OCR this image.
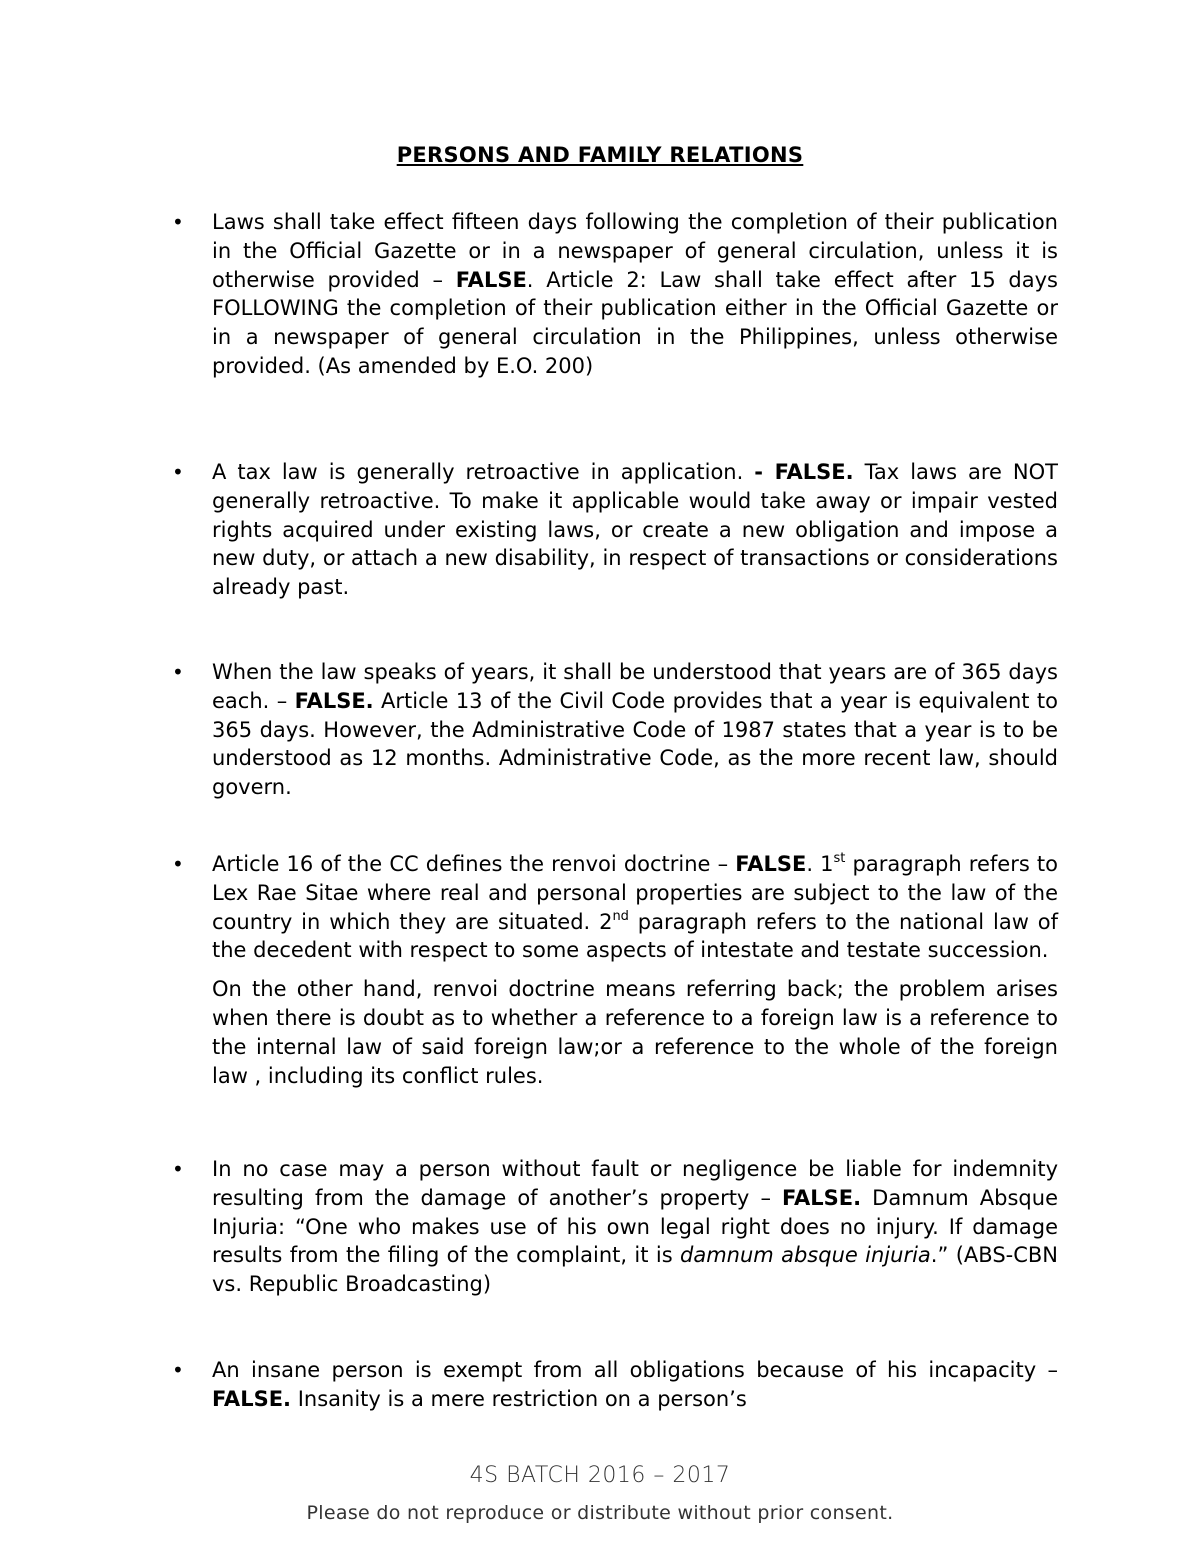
PERSONS AND FAMILY RELATIONS
• Laws shall take effect fifteen days following the completion of their publication in the Official Gazette or in a newspaper of general circulation, unless it is otherwise provided – FALSE. Article 2: Law shall take effect after 15 days FOLLOWING the completion of their publication either in the Official Gazette or in a newspaper of general circulation in the Philippines, unless otherwise provided. (As amended by E.O. 200)

• A tax law is generally retroactive in application. - FALSE. Tax laws are NOT generally retroactive. To make it applicable would take away or impair vested rights acquired under existing laws, or create a new obligation and impose a new duty, or attach a new disability, in respect of transactions or considerations already past.

• When the law speaks of years, it shall be understood that years are of 365 days each. – FALSE. Article 13 of the Civil Code provides that a year is equivalent to 365 days. However, the Administrative Code of 1987 states that a year is to be understood as 12 months. Administrative Code, as the more recent law, should govern.

• Article 16 of the CC defines the renvoi doctrine – FALSE. 1st paragraph refers to Lex Rae Sitae where real and personal properties are subject to the law of the country in which they are situated. 2nd paragraph refers to the national law of the decedent with respect to some aspects of intestate and testate succession.

On the other hand, renvoi doctrine means referring back; the problem arises when there is doubt as to whether a reference to a foreign law is a reference to the internal law of said foreign law;or a reference to the whole of the foreign law , including its conflict rules.

• In no case may a person without fault or negligence be liable for indemnity resulting from the damage of another’s property – FALSE. Damnum Absque Injuria: “One who makes use of his own legal right does no injury. If damage results from the filing of the complaint, it is damnum absque injuria.” (ABS-CBN vs. Republic Broadcasting)

• An insane person is exempt from all obligations because of his incapacity – FALSE. Insanity is a mere restriction on a person’s

4S BATCH 2016 – 2017
Please do not reproduce or distribute without prior consent.
